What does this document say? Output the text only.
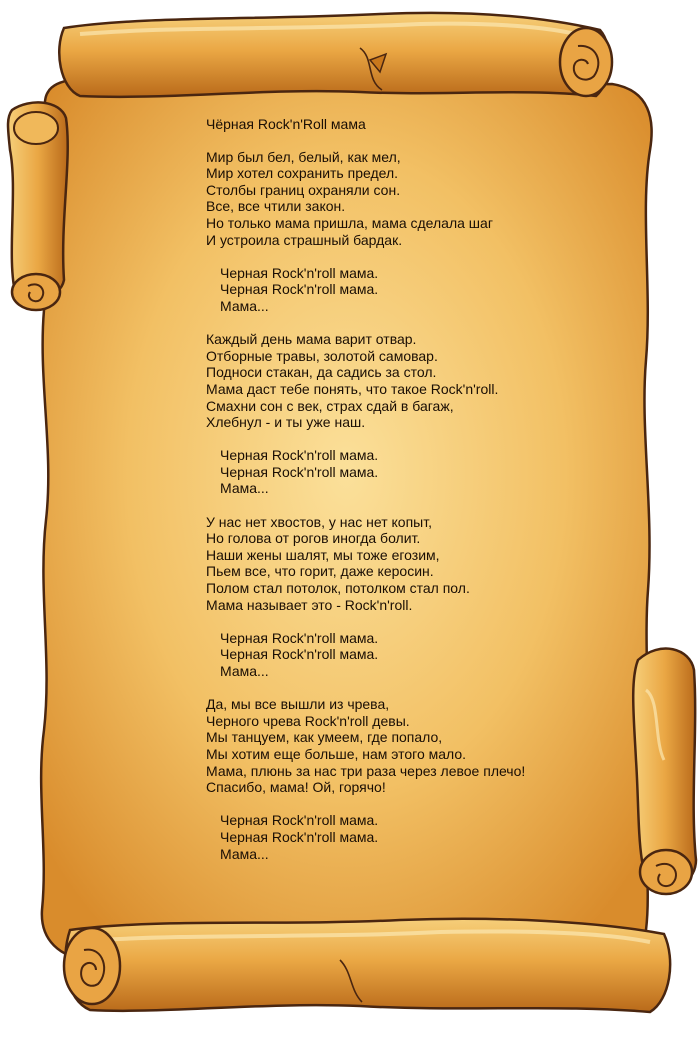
Чёрная Rock'n'Roll мама
Мир был бел, белый, как мел,
Мир хотел сохранить предел.
Столбы границ охраняли сон.
Все, все чтили закон.
Но только мама пришла, мама сделала шаг
И устроила страшный бардак.
Черная Rock'n'roll мама.
Черная Rock'n'roll мама.
Мама...
Каждый день мама варит отвар.
Отборные травы, золотой самовар.
Подноси стакан, да садись за стол.
Мама даст тебе понять, что такое Rock'n'roll.
Смахни сон с век, страх сдай в багаж,
Хлебнул - и ты уже наш.
Черная Rock'n'roll мама.
Черная Rock'n'roll мама.
Мама...
У нас нет хвостов, у нас нет копыт,
Но голова от рогов иногда болит.
Наши жены шалят, мы тоже егозим,
Пьем все, что горит, даже керосин.
Полом стал потолок, потолком стал пол.
Мама называет это - Rock'n'roll.
Черная Rock'n'roll мама.
Черная Rock'n'roll мама.
Мама...
Да, мы все вышли из чрева,
Черного чрева Rock'n'roll девы.
Мы танцуем, как умеем, где попало,
Мы хотим еще больше, нам этого мало.
Мама, плюнь за нас три раза через левое плечо!
Спасибо, мама! Ой, горячо!
Черная Rock'n'roll мама.
Черная Rock'n'roll мама.
Мама...
